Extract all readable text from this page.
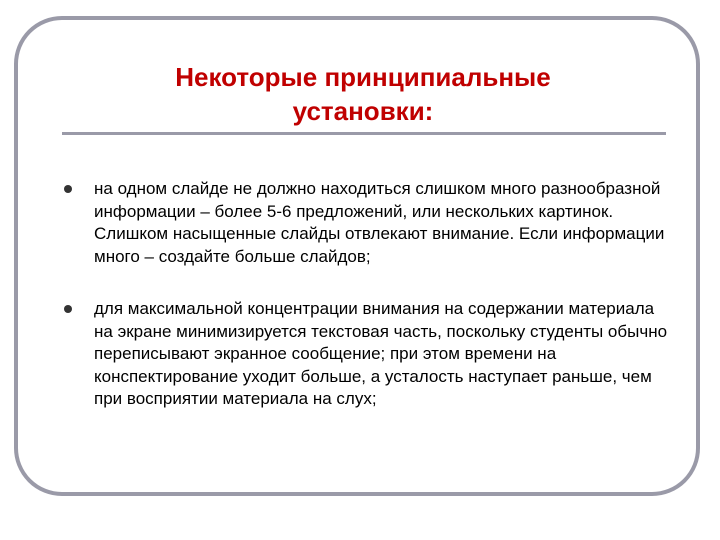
Некоторые принципиальные
установки:
на одном слайде не должно находиться слишком много разнообразной информации – более 5-6 предложений, или нескольких картинок. Слишком насыщенные слайды отвлекают внимание. Если информации много – создайте больше слайдов;
для максимальной концентрации внимания на содержании материала на экране минимизируется текстовая часть, поскольку студенты обычно переписывают экранное сообщение; при этом времени на конспектирование уходит больше, а усталость наступает раньше, чем при восприятии материала на слух;
